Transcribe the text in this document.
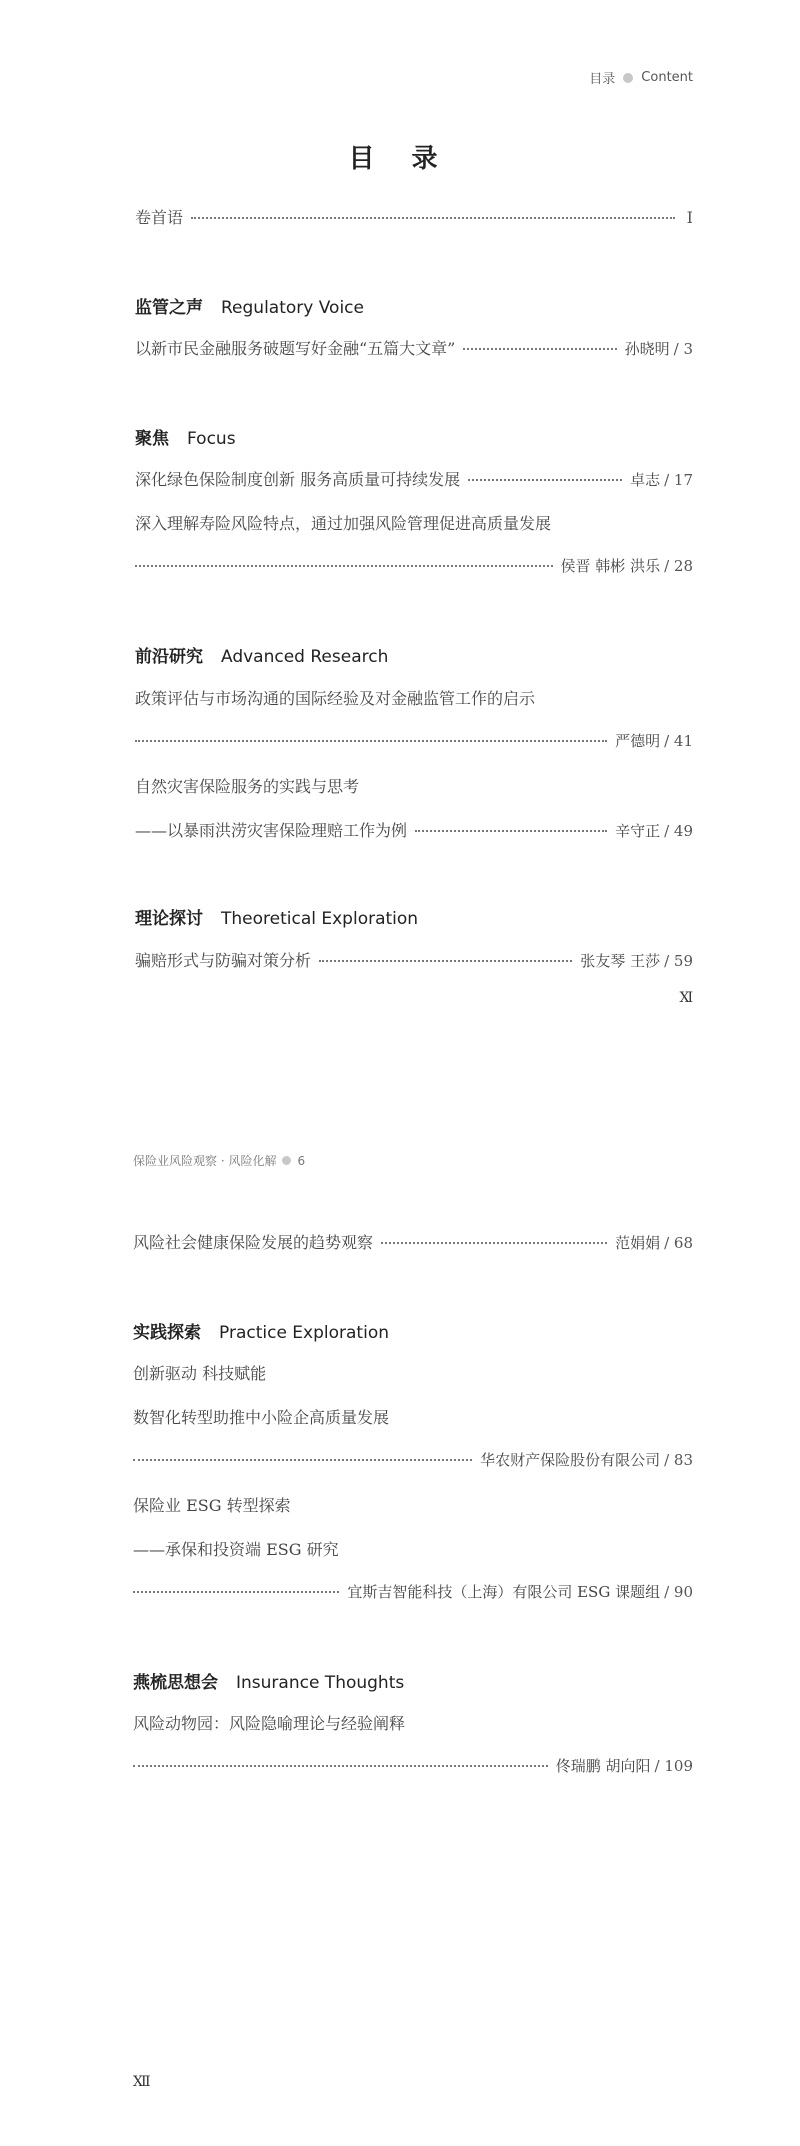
目录 Content
目 录
卷首语	Ⅰ
监管之声 Regulatory Voice
以新市民金融服务破题写好金融“五篇大文章”	孙晓明 / 3
聚焦 Focus
深化绿色保险制度创新 服务高质量可持续发展	卓志 / 17
深入理解寿险风险特点，通过加强风险管理促进高质量发展
侯晋 韩彬 洪乐 / 28
前沿研究 Advanced Research
政策评估与市场沟通的国际经验及对金融监管工作的启示
严德明 / 41
自然灾害保险服务的实践与思考
——以暴雨洪涝灾害保险理赔工作为例	辛守正 / 49
理论探讨 Theoretical Exploration
骗赔形式与防骗对策分析	张友琴 王莎 / 59
Ⅺ
保险业风险观察 · 风险化解 6
风险社会健康保险发展的趋势观察	范娟娟 / 68
实践探索 Practice Exploration
创新驱动 科技赋能
数智化转型助推中小险企高质量发展
华农财产保险股份有限公司 / 83
保险业 ESG 转型探索
——承保和投资端 ESG 研究
宜斯吉智能科技（上海）有限公司 ESG 课题组 / 90
燕梳思想会 Insurance Thoughts
风险动物园：风险隐喻理论与经验阐释
佟瑞鹏 胡向阳 / 109
Ⅻ
